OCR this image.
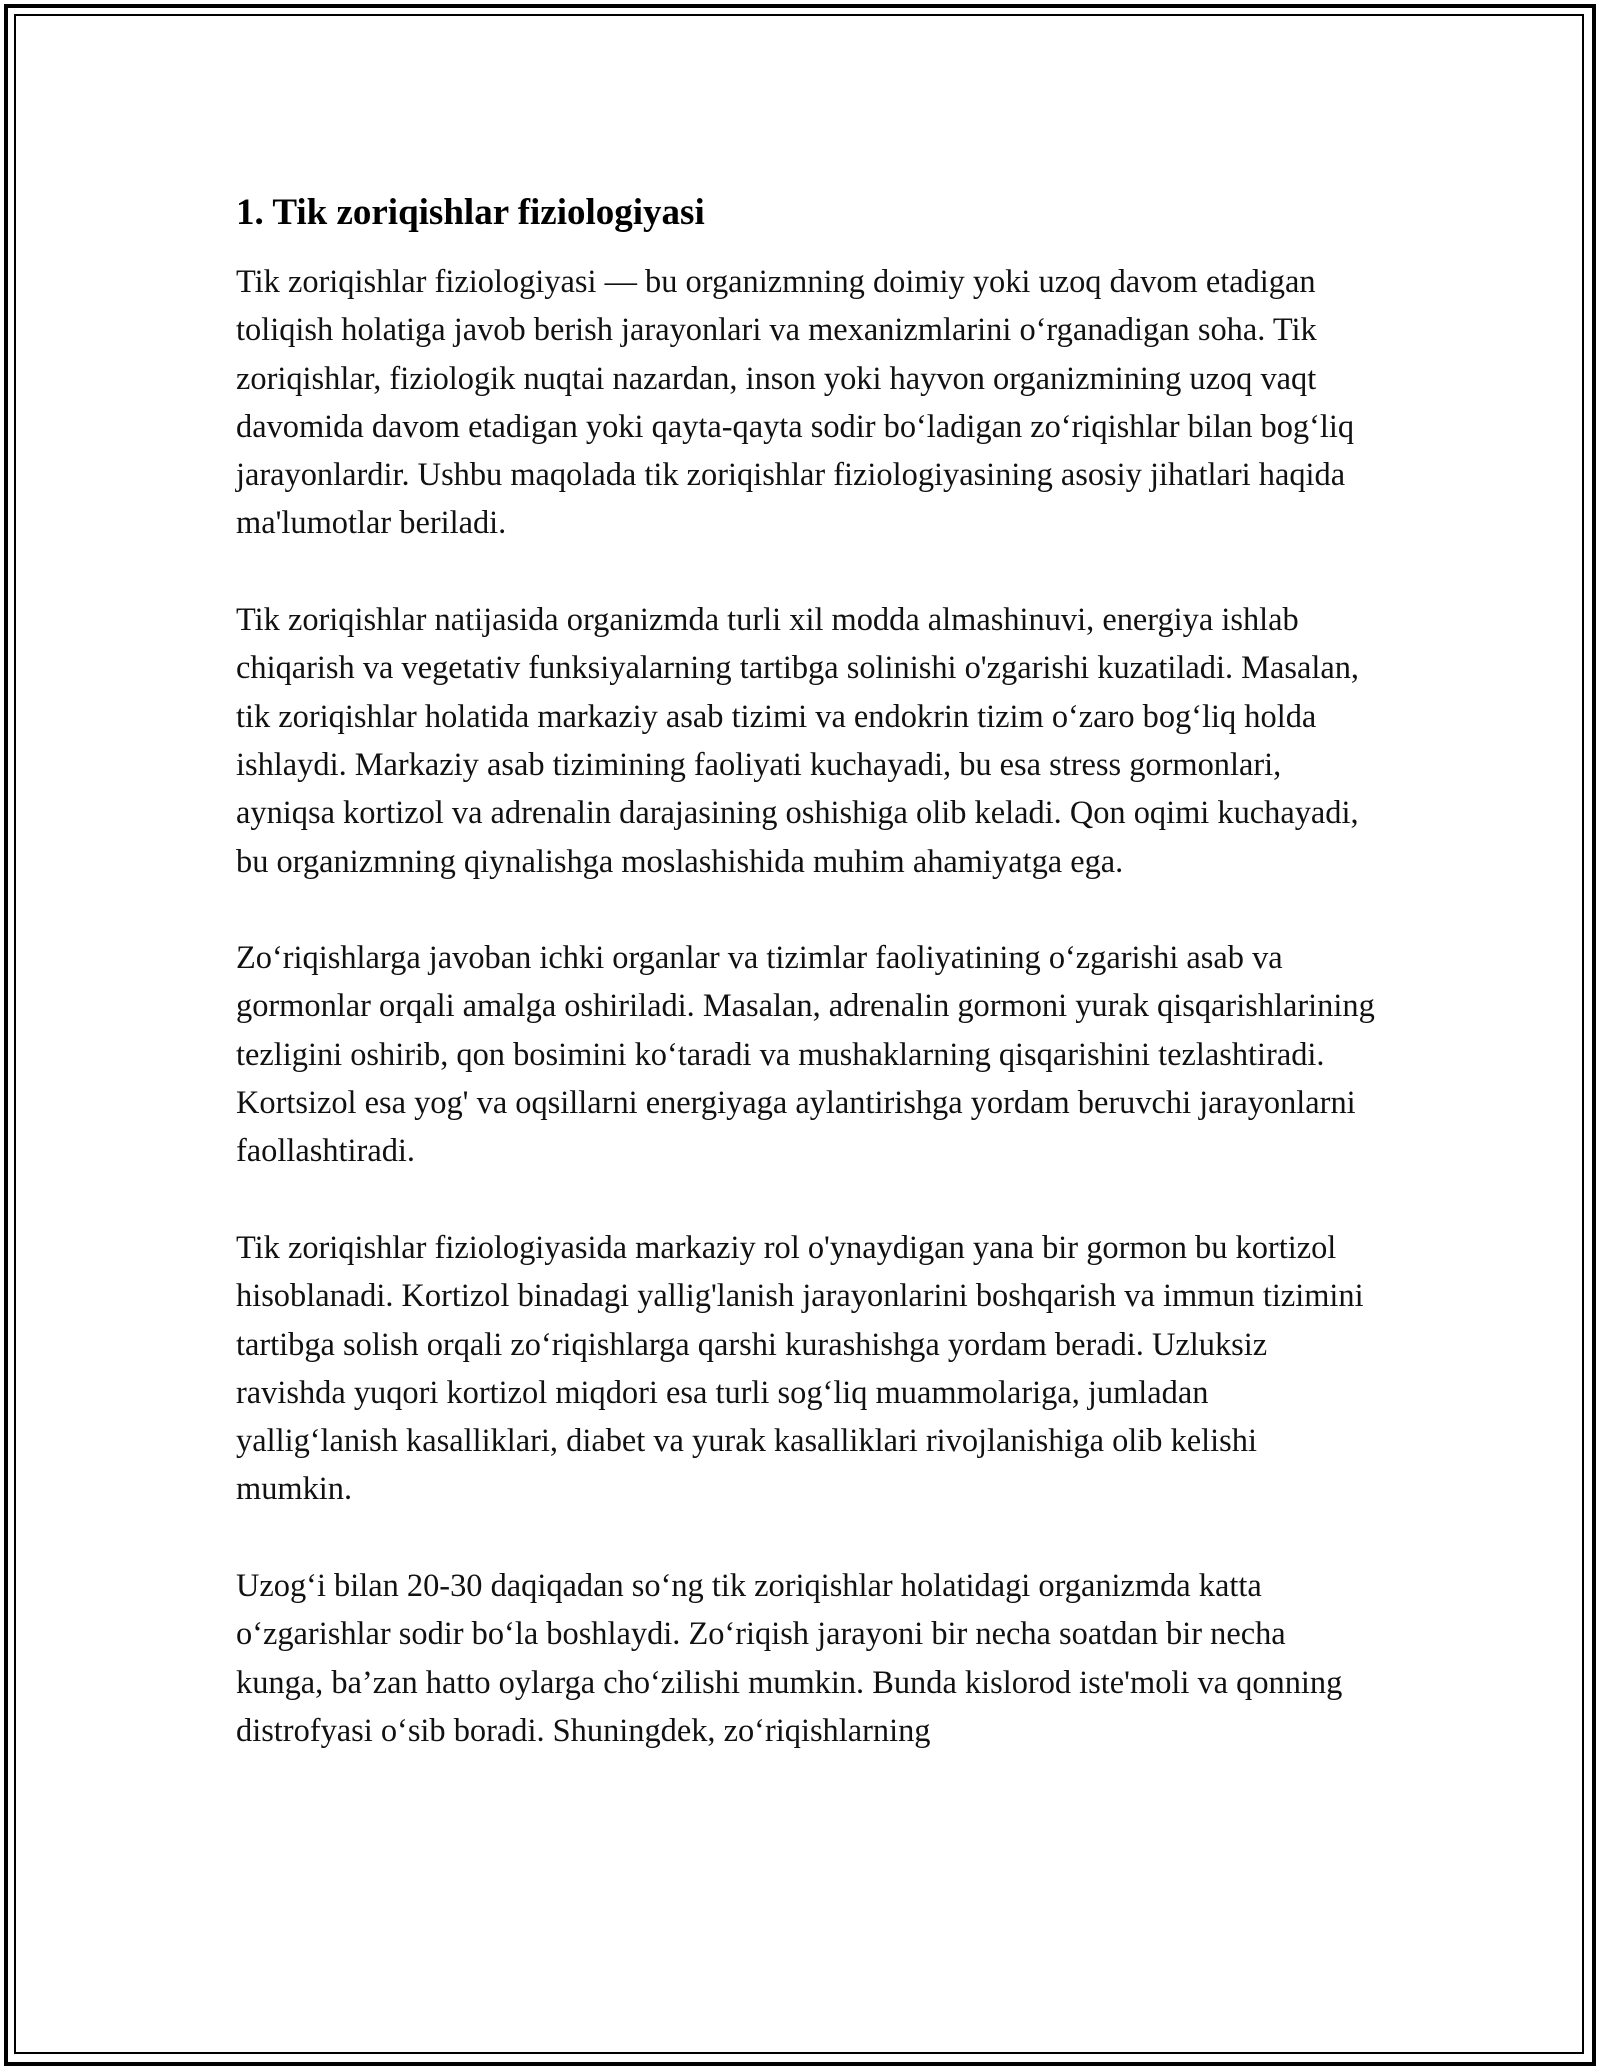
1. Tik zoriqishlar fiziologiyasi

Tik zoriqishlar fiziologiyasi — bu organizmning doimiy yoki uzoq davom etadigan toliqish holatiga javob berish jarayonlari va mexanizmlarini o‘rganadigan soha. Tik zoriqishlar, fiziologik nuqtai nazardan, inson yoki hayvon organizmining uzoq vaqt davomida davom etadigan yoki qayta-qayta sodir bo‘ladigan zo‘riqishlar bilan bog‘liq jarayonlardir. Ushbu maqolada tik zoriqishlar fiziologiyasining asosiy jihatlari haqida ma'lumotlar beriladi.

Tik zoriqishlar natijasida organizmda turli xil modda almashinuvi, energiya ishlab chiqarish va vegetativ funksiyalarning tartibga solinishi o'zgarishi kuzatiladi. Masalan, tik zoriqishlar holatida markaziy asab tizimi va endokrin tizim o‘zaro bog‘liq holda ishlaydi. Markaziy asab tizimining faoliyati kuchayadi, bu esa stress gormonlari, ayniqsa kortizol va adrenalin darajasining oshishiga olib keladi. Qon oqimi kuchayadi, bu organizmning qiynalishga moslashishida muhim ahamiyatga ega.

Zo‘riqishlarga javoban ichki organlar va tizimlar faoliyatining o‘zgarishi asab va gormonlar orqali amalga oshiriladi. Masalan, adrenalin gormoni yurak qisqarishlarining tezligini oshirib, qon bosimini ko‘taradi va mushaklarning qisqarishini tezlashtiradi. Kortsizol esa yog' va oqsillarni energiyaga aylantirishga yordam beruvchi jarayonlarni faollashtiradi.

Tik zoriqishlar fiziologiyasida markaziy rol o'ynaydigan yana bir gormon bu kortizol hisoblanadi. Kortizol binadagi yallig'lanish jarayonlarini boshqarish va immun tizimini tartibga solish orqali zo‘riqishlarga qarshi kurashishga yordam beradi. Uzluksiz ravishda yuqori kortizol miqdori esa turli sog‘liq muammolariga, jumladan yallig‘lanish kasalliklari, diabet va yurak kasalliklari rivojlanishiga olib kelishi mumkin.

Uzog‘i bilan 20-30 daqiqadan so‘ng tik zoriqishlar holatidagi organizmda katta o‘zgarishlar sodir bo‘la boshlaydi. Zo‘riqish jarayoni bir necha soatdan bir necha kunga, ba’zan hatto oylarga cho‘zilishi mumkin. Bunda kislorod iste'moli va qonning distrofyasi o‘sib boradi. Shuningdek, zo‘riqishlarning
